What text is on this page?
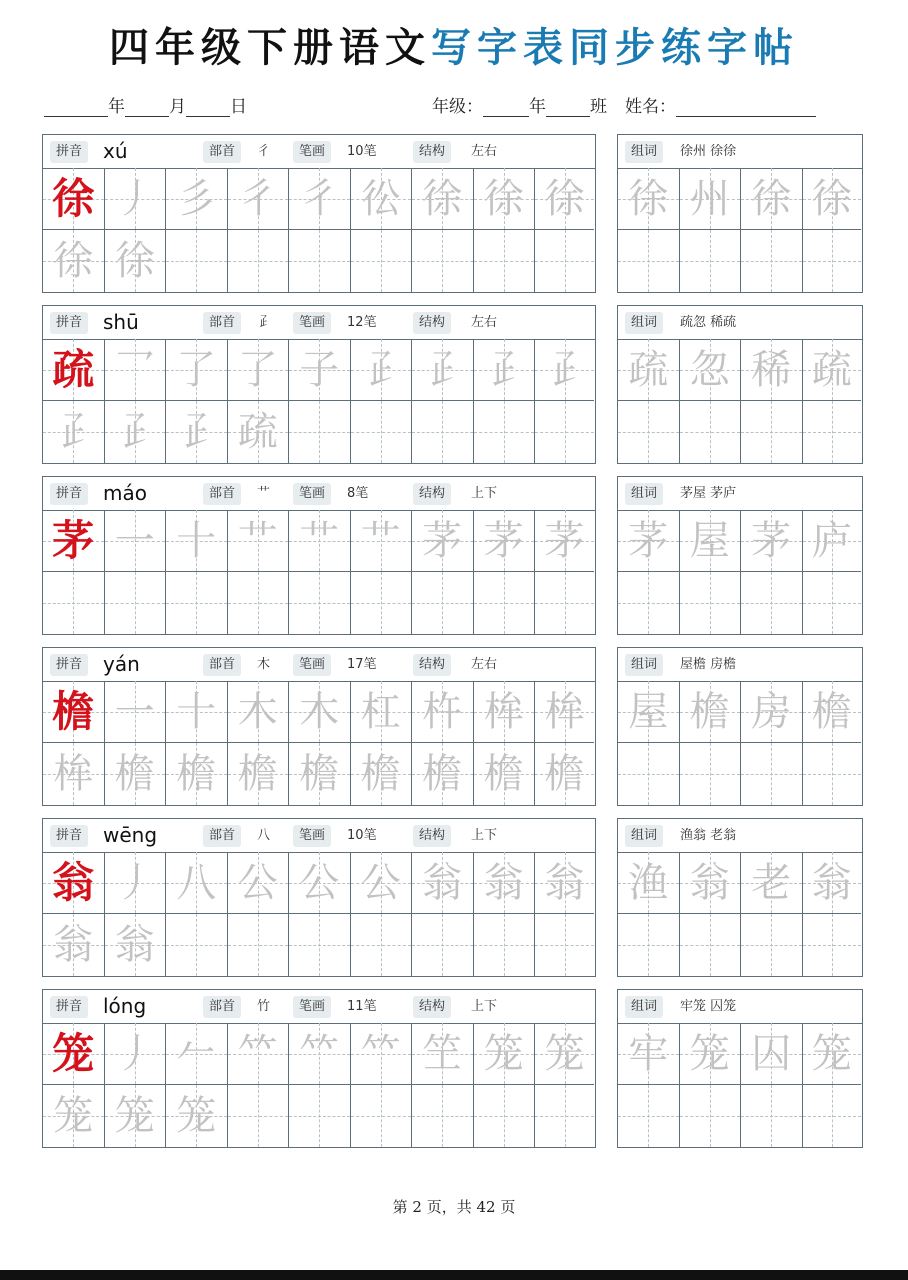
四年级下册语文写字表同步练字帖
年	月	日	年级：	年	班 姓名：
拼音	xú	部首	彳	笔画	10笔	结构	左右
徐 丿 彡 彳 彳 彸 徐 徐 徐
徐 徐
组词	徐州 徐徐
徐 州 徐 徐
拼音	shū	部首	𤴔	笔画	12笔	结构	左右
疏 乛 了 了 子 𤴔 𤴔 𤴔 𤴔
𤴔 𤴔 𤴔 疏
组词	疏忽 稀疏
疏 忽 稀 疏
拼音	máo	部首	艹	笔画	8笔	结构	上下
茅 一 十 艹 艹 艹 茅 茅 茅
组词	茅屋 茅庐
茅 屋 茅 庐
拼音	yán	部首	木	笔画	17笔	结构	左右
檐 一 十 木 木 杠 杵 桙 桙
桙 檐 檐 檐 檐 檐 檐 檐 檐
组词	屋檐 房檐
屋 檐 房 檐
拼音	wēng	部首	八	笔画	10笔	结构	上下
翁 丿 八 公 公 公 翁 翁 翁
翁 翁
组词	渔翁 老翁
渔 翁 老 翁
拼音	lóng	部首	竹	笔画	11笔	结构	上下
笼 丿 𠂉 𥫗 𥫗 𥫗 笁 笼 笼
笼 笼 笼
组词	牢笼 囚笼
牢 笼 囚 笼
第 2 页，共 42 页
